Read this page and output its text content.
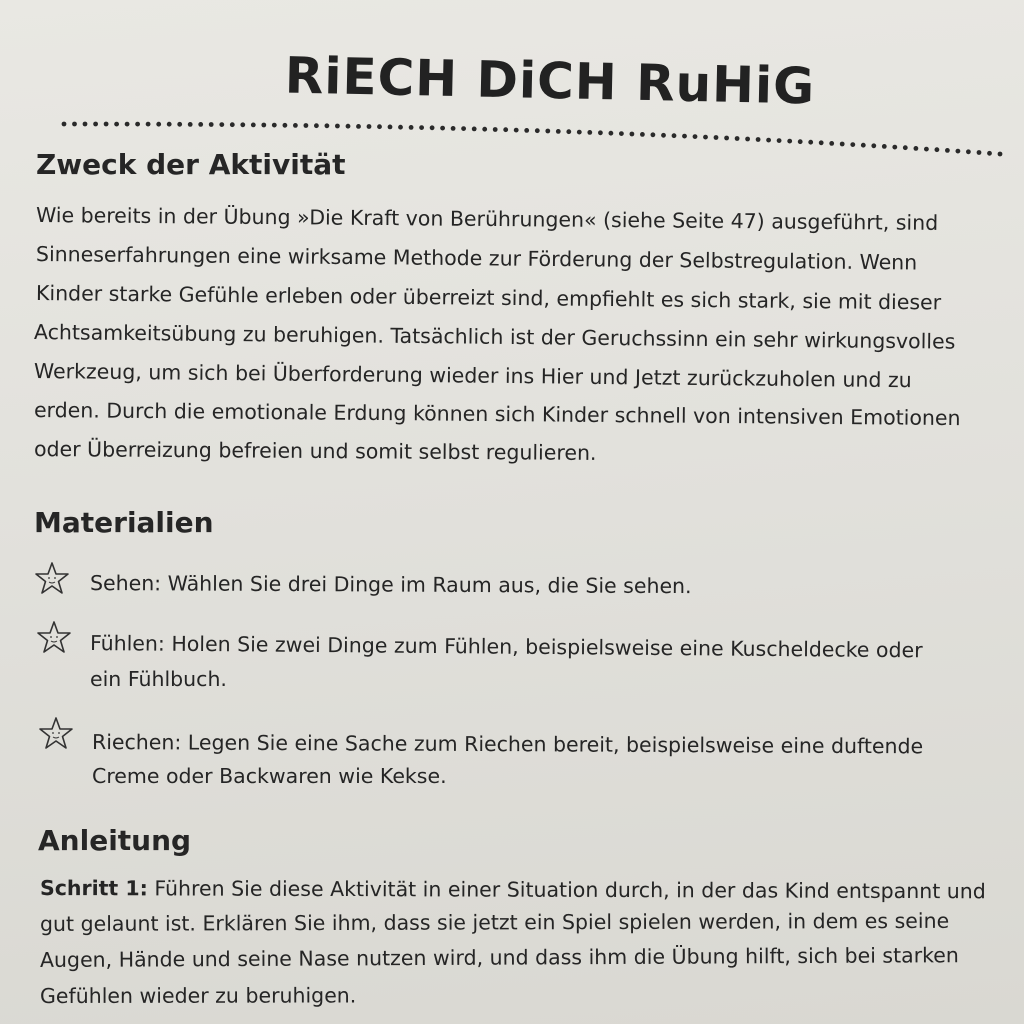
RiECH DiCH RuHiG
Zweck der Aktivität
Wie bereits in der Übung »Die Kraft von Berührungen« (siehe Seite 47) ausgeführt, sind
Sinneserfahrungen eine wirksame Methode zur Förderung der Selbstregulation. Wenn
Kinder starke Gefühle erleben oder überreizt sind, empfiehlt es sich stark, sie mit dieser
Achtsamkeitsübung zu beruhigen. Tatsächlich ist der Geruchssinn ein sehr wirkungsvolles
Werkzeug, um sich bei Überforderung wieder ins Hier und Jetzt zurückzuholen und zu
erden. Durch die emotionale Erdung können sich Kinder schnell von intensiven Emotionen
oder Überreizung befreien und somit selbst regulieren.
Materialien
Sehen: Wählen Sie drei Dinge im Raum aus, die Sie sehen.
Fühlen: Holen Sie zwei Dinge zum Fühlen, beispielsweise eine Kuscheldecke oder
ein Fühlbuch.
Riechen: Legen Sie eine Sache zum Riechen bereit, beispielsweise eine duftende
Creme oder Backwaren wie Kekse.
Anleitung
Schritt 1: Führen Sie diese Aktivität in einer Situation durch, in der das Kind entspannt und
gut gelaunt ist. Erklären Sie ihm, dass sie jetzt ein Spiel spielen werden, in dem es seine
Augen, Hände und seine Nase nutzen wird, und dass ihm die Übung hilft, sich bei starken
Gefühlen wieder zu beruhigen.
